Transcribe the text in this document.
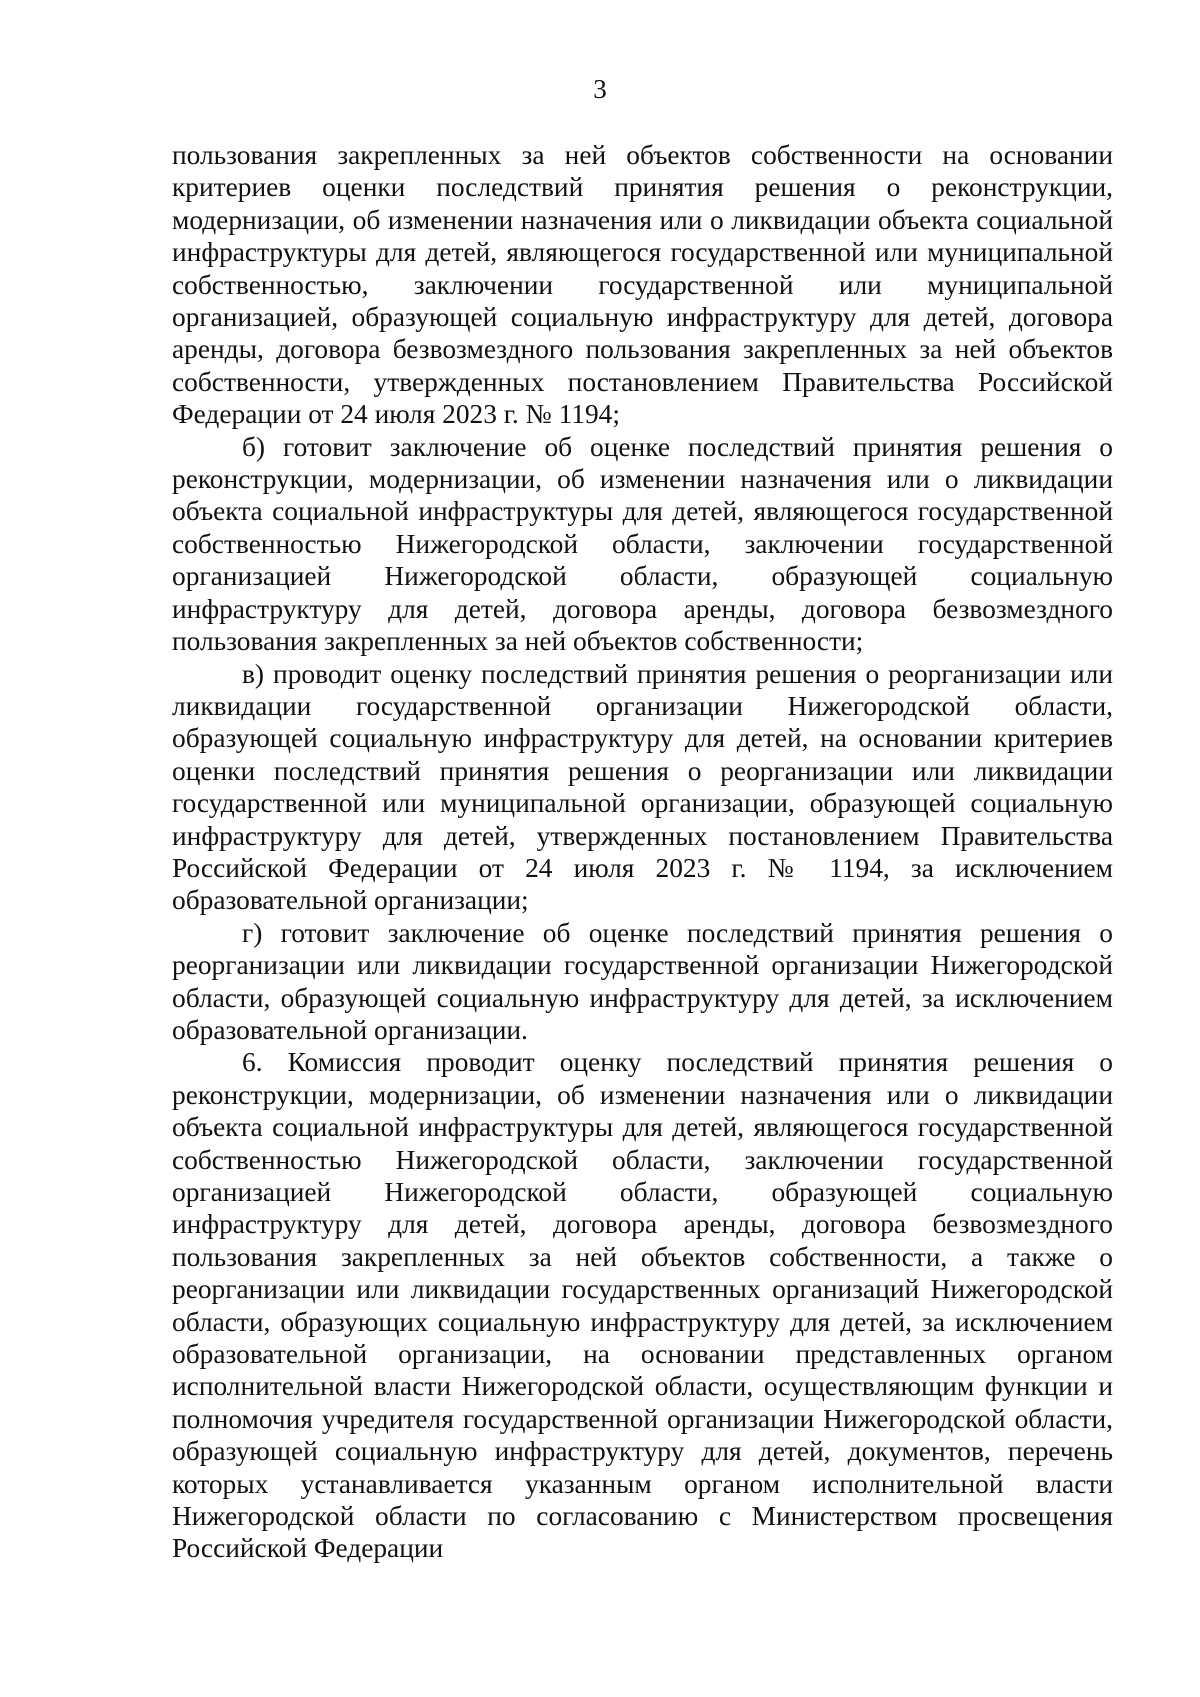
3

пользования закрепленных за ней объектов собственности на основании критериев оценки последствий принятия решения о реконструкции, модернизации, об изменении назначения или о ликвидации объекта социальной инфраструктуры для детей, являющегося государственной или муниципальной собственностью, заключении государственной или муниципальной организацией, образующей социальную инфраструктуру для детей, договора аренды, договора безвозмездного пользования закрепленных за ней объектов собственности, утвержденных постановлением Правительства Российской Федерации от 24 июля 2023 г. № 1194;

б) готовит заключение об оценке последствий принятия решения о реконструкции, модернизации, об изменении назначения или о ликвидации объекта социальной инфраструктуры для детей, являющегося государственной собственностью Нижегородской области, заключении государственной организацией Нижегородской области, образующей социальную инфраструктуру для детей, договора аренды, договора безвозмездного пользования закрепленных за ней объектов собственности;

в) проводит оценку последствий принятия решения о реорганизации или ликвидации государственной организации Нижегородской области, образующей социальную инфраструктуру для детей, на основании критериев оценки последствий принятия решения о реорганизации или ликвидации государственной или муниципальной организации, образующей социальную инфраструктуру для детей, утвержденных постановлением Правительства Российской Федерации от 24 июля 2023 г. № 1194, за исключением образовательной организации;

г) готовит заключение об оценке последствий принятия решения о реорганизации или ликвидации государственной организации Нижегородской области, образующей социальную инфраструктуру для детей, за исключением образовательной организации.

6. Комиссия проводит оценку последствий принятия решения о реконструкции, модернизации, об изменении назначения или о ликвидации объекта социальной инфраструктуры для детей, являющегося государственной собственностью Нижегородской области, заключении государственной организацией Нижегородской области, образующей социальную инфраструктуру для детей, договора аренды, договора безвозмездного пользования закрепленных за ней объектов собственности, а также о реорганизации или ликвидации государственных организаций Нижегородской области, образующих социальную инфраструктуру для детей, за исключением образовательной организации, на основании представленных органом исполнительной власти Нижегородской области, осуществляющим функции и полномочия учредителя государственной организации Нижегородской области, образующей социальную инфраструктуру для детей, документов, перечень которых устанавливается указанным органом исполнительной власти Нижегородской области по согласованию с Министерством просвещения Российской Федерации
